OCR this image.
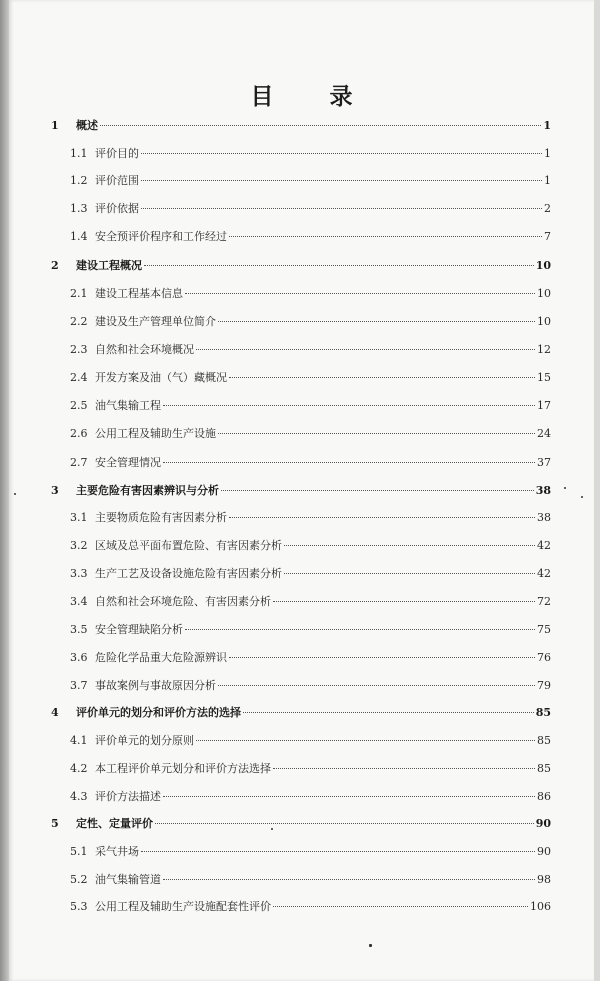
目 录
1	概述	1
1.1 评价目的	1
1.2 评价范围	1
1.3 评价依据	2
1.4 安全预评价程序和工作经过	7
2	建设工程概况	10
2.1 建设工程基本信息	10
2.2 建设及生产管理单位简介	10
2.3 自然和社会环境概况	12
2.4 开发方案及油（气）藏概况	15
2.5 油气集输工程	17
2.6 公用工程及辅助生产设施	24
2.7 安全管理情况	37
3	主要危险有害因素辨识与分析	38
3.1 主要物质危险有害因素分析	38
3.2 区域及总平面布置危险、有害因素分析	42
3.3 生产工艺及设备设施危险有害因素分析	42
3.4 自然和社会环境危险、有害因素分析	72
3.5 安全管理缺陷分析	75
3.6 危险化学品重大危险源辨识	76
3.7 事故案例与事故原因分析	79
4	评价单元的划分和评价方法的选择	85
4.1 评价单元的划分原则	85
4.2 本工程评价单元划分和评价方法选择	85
4.3 评价方法描述	86
5	定性、定量评价	90
5.1 采气井场	90
5.2 油气集输管道	98
5.3 公用工程及辅助生产设施配套性评价	106
